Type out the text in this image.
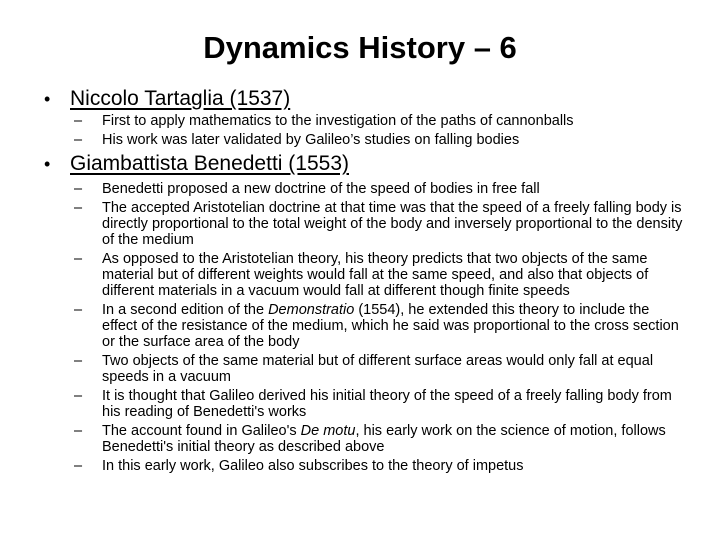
Dynamics History – 6
• Niccolo Tartaglia (1537)
–	First to apply mathematics to the investigation of the paths of cannonballs
–	His work was later validated by Galileo’s studies on falling bodies
• Giambattista Benedetti (1553)
–	Benedetti proposed a new doctrine of the speed of bodies in free fall
–	The accepted Aristotelian doctrine at that time was that the speed of a freely falling body is directly proportional to the total weight of the body and inversely proportional to the density of the medium
–	As opposed to the Aristotelian theory, his theory predicts that two objects of the same material but of different weights would fall at the same speed, and also that objects of different materials in a vacuum would fall at different though finite speeds
–	In a second edition of the Demonstratio (1554), he extended this theory to include the effect of the resistance of the medium, which he said was proportional to the cross section or the surface area of the body
–	Two objects of the same material but of different surface areas would only fall at equal speeds in a vacuum
–	It is thought that Galileo derived his initial theory of the speed of a freely falling body from his reading of Benedetti's works
–	The account found in Galileo's De motu, his early work on the science of motion, follows Benedetti's initial theory as described above
–	In this early work, Galileo also subscribes to the theory of impetus
